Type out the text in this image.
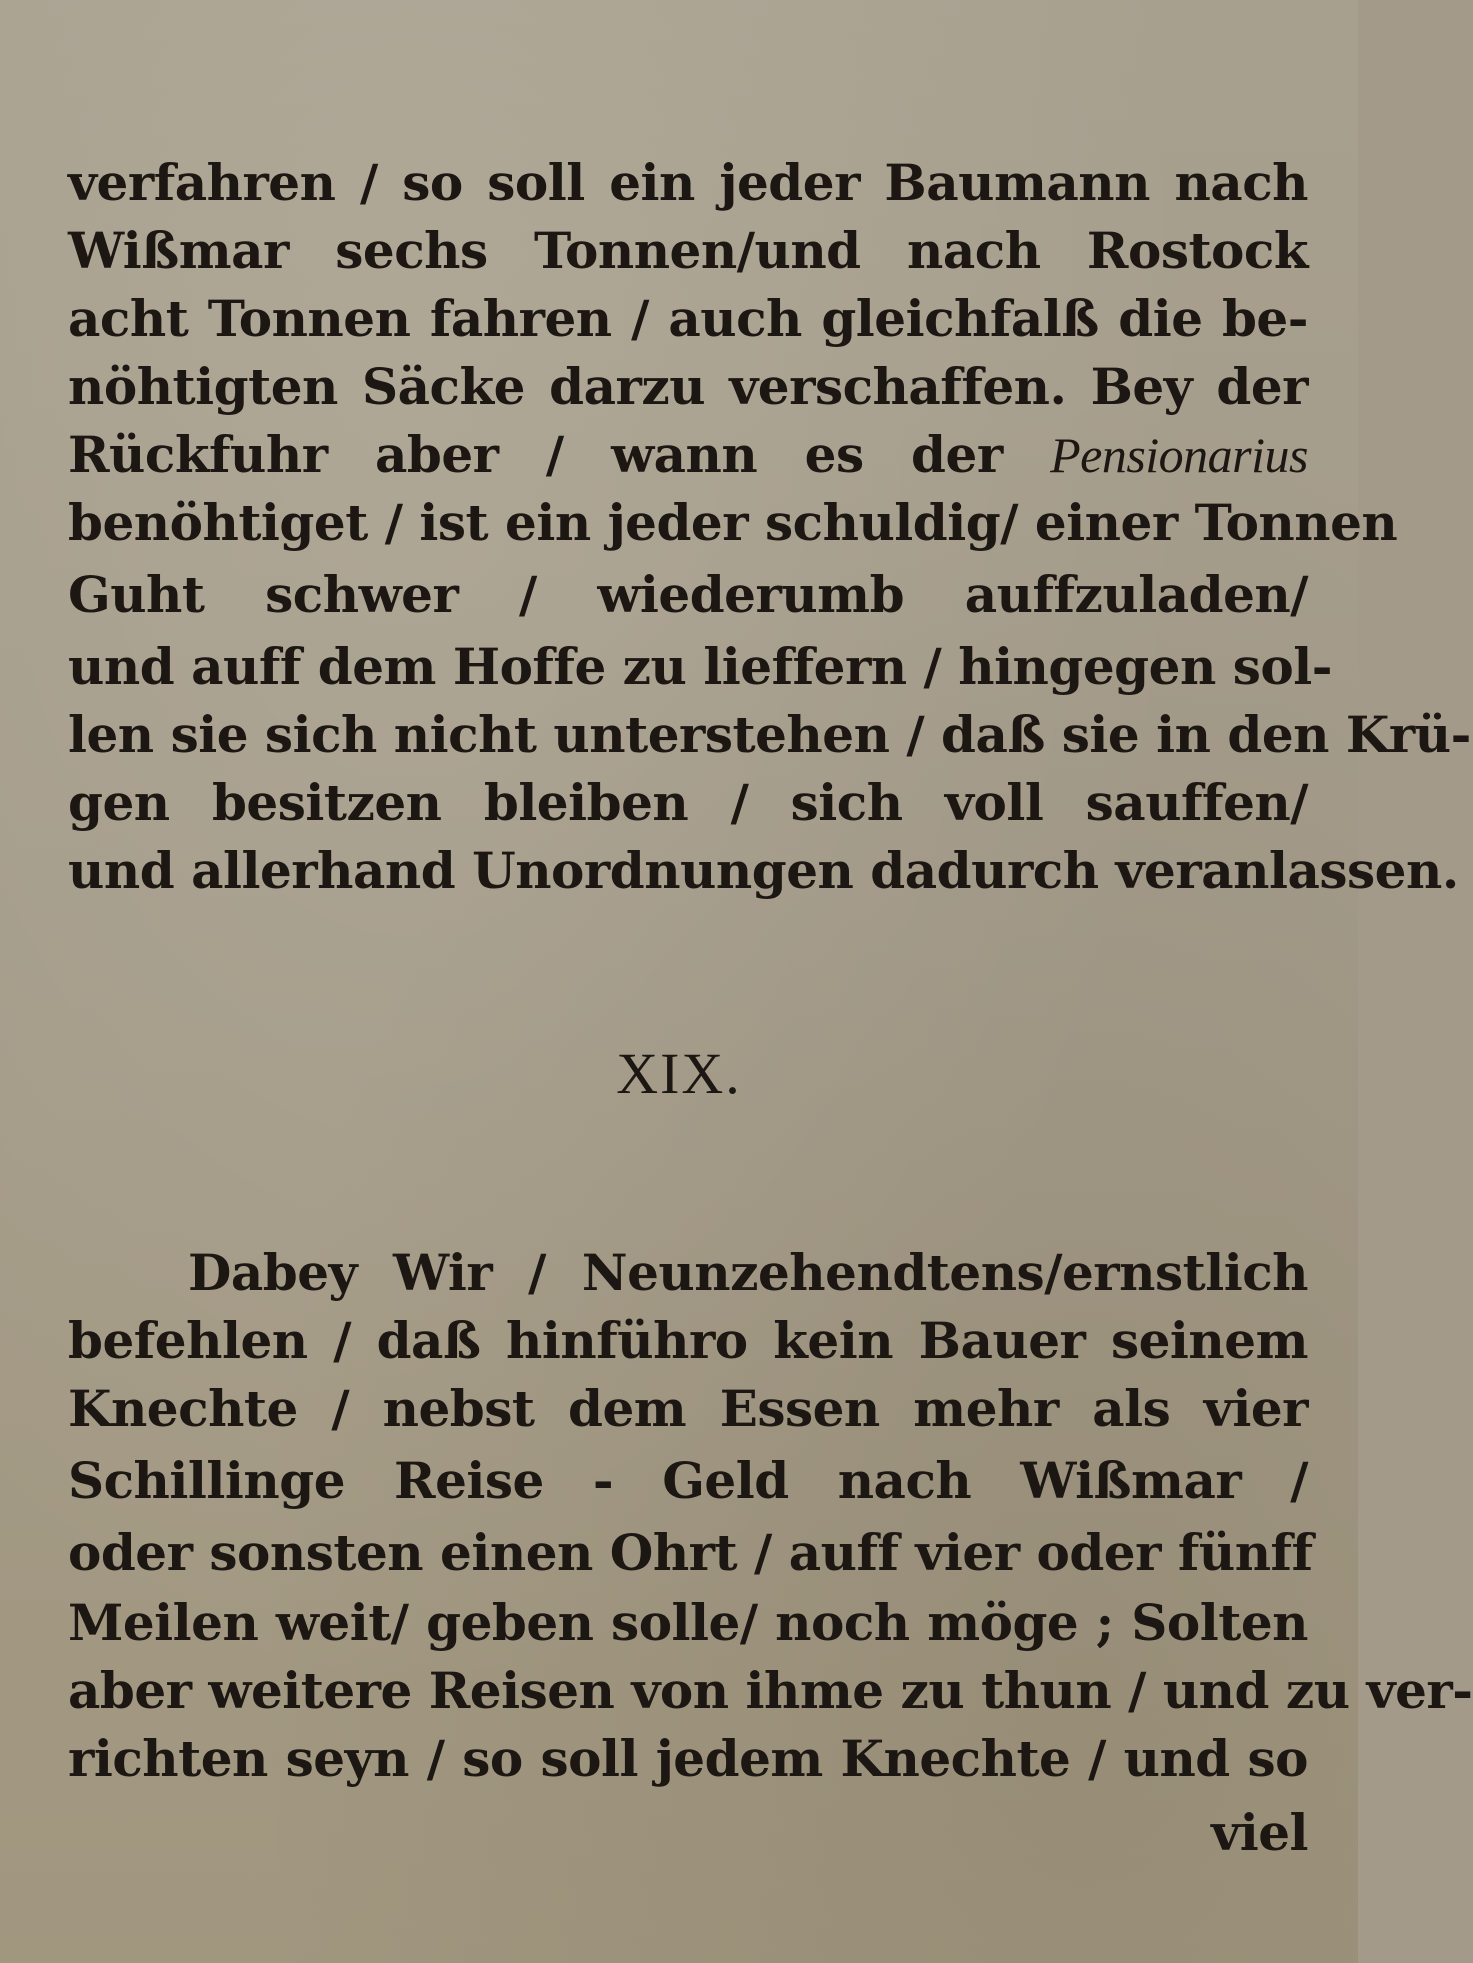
verfahren / so soll ein jeder Baumann nach
Wißmar sechs Tonnen/und nach Rostock
acht Tonnen fahren / auch gleichfalß die be-
nöhtigten Säcke darzu verschaffen. Bey der
Rückfuhr aber / wann es der Pensionarius
benöhtiget / ist ein jeder schuldig/ einer Tonnen
Guht schwer / wiederumb auffzuladen/
und auff dem Hoffe zu lieffern / hingegen sol-
len sie sich nicht unterstehen / daß sie in den Krü-
gen besitzen bleiben / sich voll sauffen/
und allerhand Unordnungen dadurch veranlassen.
XIX.
Dabey Wir / Neunzehendtens/ernstlich
befehlen / daß hinführo kein Bauer seinem
Knechte / nebst dem Essen mehr als vier
Schillinge Reise - Geld nach Wißmar /
oder sonsten einen Ohrt / auff vier oder fünff
Meilen weit/ geben solle/ noch möge ; Solten
aber weitere Reisen von ihme zu thun / und zu ver-
richten seyn / so soll jedem Knechte / und so
viel
